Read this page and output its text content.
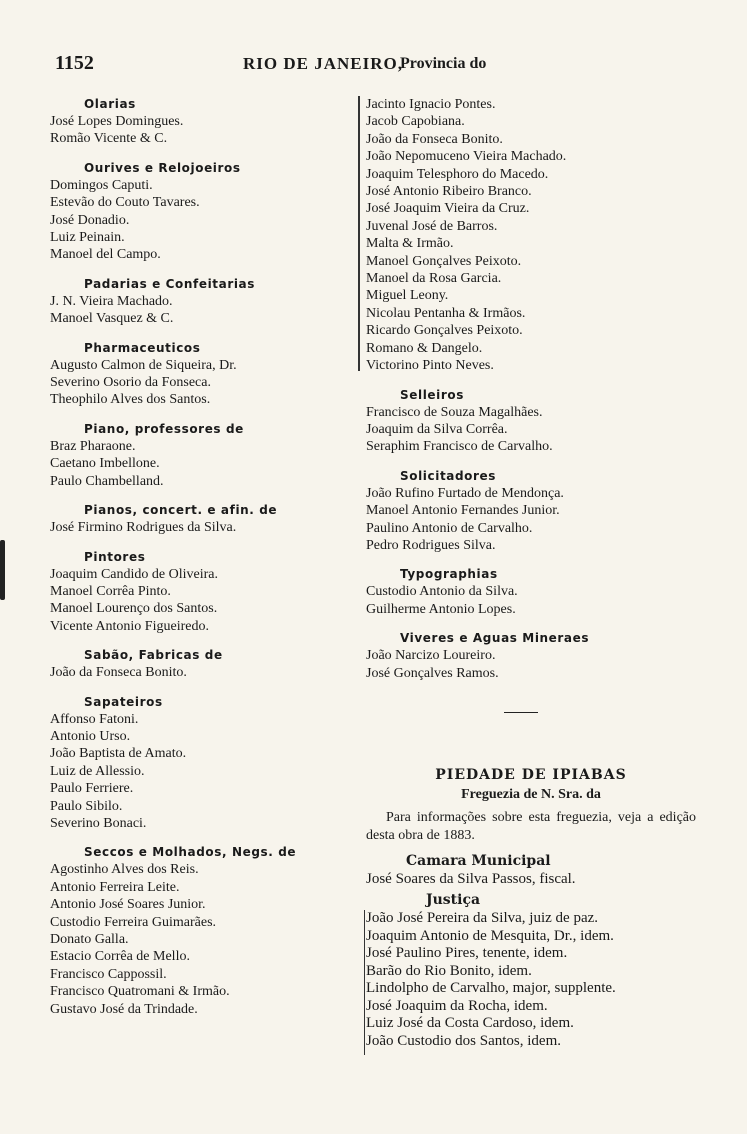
1152	RIO DE JANEIRO,
Provincia do
Olarias
José Lopes Domingues.
Romão Vicente & C.
Ourives e Relojoeiros
Domingos Caputi.
Estevão do Couto Tavares.
José Donadio.
Luiz Peinain.
Manoel del Campo.
Padarias e Confeitarias
J. N. Vieira Machado.
Manoel Vasquez & C.
Pharmaceuticos
Augusto Calmon de Siqueira, Dr.
Severino Osorio da Fonseca.
Theophilo Alves dos Santos.
Piano, professores de
Braz Pharaone.
Caetano Imbellone.
Paulo Chambelland.
Pianos, concert. e afin. de
José Firmino Rodrigues da Silva.
Pintores
Joaquim Candido de Oliveira.
Manoel Corrêa Pinto.
Manoel Lourenço dos Santos.
Vicente Antonio Figueiredo.
Sabão, Fabricas de
João da Fonseca Bonito.
Sapateiros
Affonso Fatoni.
Antonio Urso.
João Baptista de Amato.
Luiz de Allessio.
Paulo Ferriere.
Paulo Sibilo.
Severino Bonaci.
Seccos e Molhados, Negs. de
Agostinho Alves dos Reis.
Antonio Ferreira Leite.
Antonio José Soares Junior.
Custodio Ferreira Guimarães.
Donato Galla.
Estacio Corrêa de Mello.
Francisco Cappossil.
Francisco Quatromani & Irmão.
Gustavo José da Trindade.
Jacinto Ignacio Pontes.
Jacob Capobiana.
João da Fonseca Bonito.
João Nepomuceno Vieira Machado.
Joaquim Telesphoro do Macedo.
José Antonio Ribeiro Branco.
José Joaquim Vieira da Cruz.
Juvenal José de Barros.
Malta & Irmão.
Manoel Gonçalves Peixoto.
Manoel da Rosa Garcia.
Miguel Leony.
Nicolau Pentanha & Irmãos.
Ricardo Gonçalves Peixoto.
Romano & Dangelo.
Victorino Pinto Neves.
Selleiros
Francisco de Souza Magalhães.
Joaquim da Silva Corrêa.
Seraphim Francisco de Carvalho.
Solicitadores
João Rufino Furtado de Mendonça.
Manoel Antonio Fernandes Junior.
Paulino Antonio de Carvalho.
Pedro Rodrigues Silva.
Typographias
Custodio Antonio da Silva.
Guilherme Antonio Lopes.
Viveres e Aguas Mineraes
João Narcizo Loureiro.
José Gonçalves Ramos.
PIEDADE DE IPIABAS
Freguezia de N. Sra. da
Para informações sobre esta freguezia, veja a edição desta obra de 1883.
Camara Municipal
José Soares da Silva Passos, fiscal.
Justiça
João José Pereira da Silva, juiz de paz.
Joaquim Antonio de Mesquita, Dr., idem.
José Paulino Pires, tenente, idem.
Barão do Rio Bonito, idem.
Lindolpho de Carvalho, major, supplente.
José Joaquim da Rocha, idem.
Luiz José da Costa Cardoso, idem.
João Custodio dos Santos, idem.
